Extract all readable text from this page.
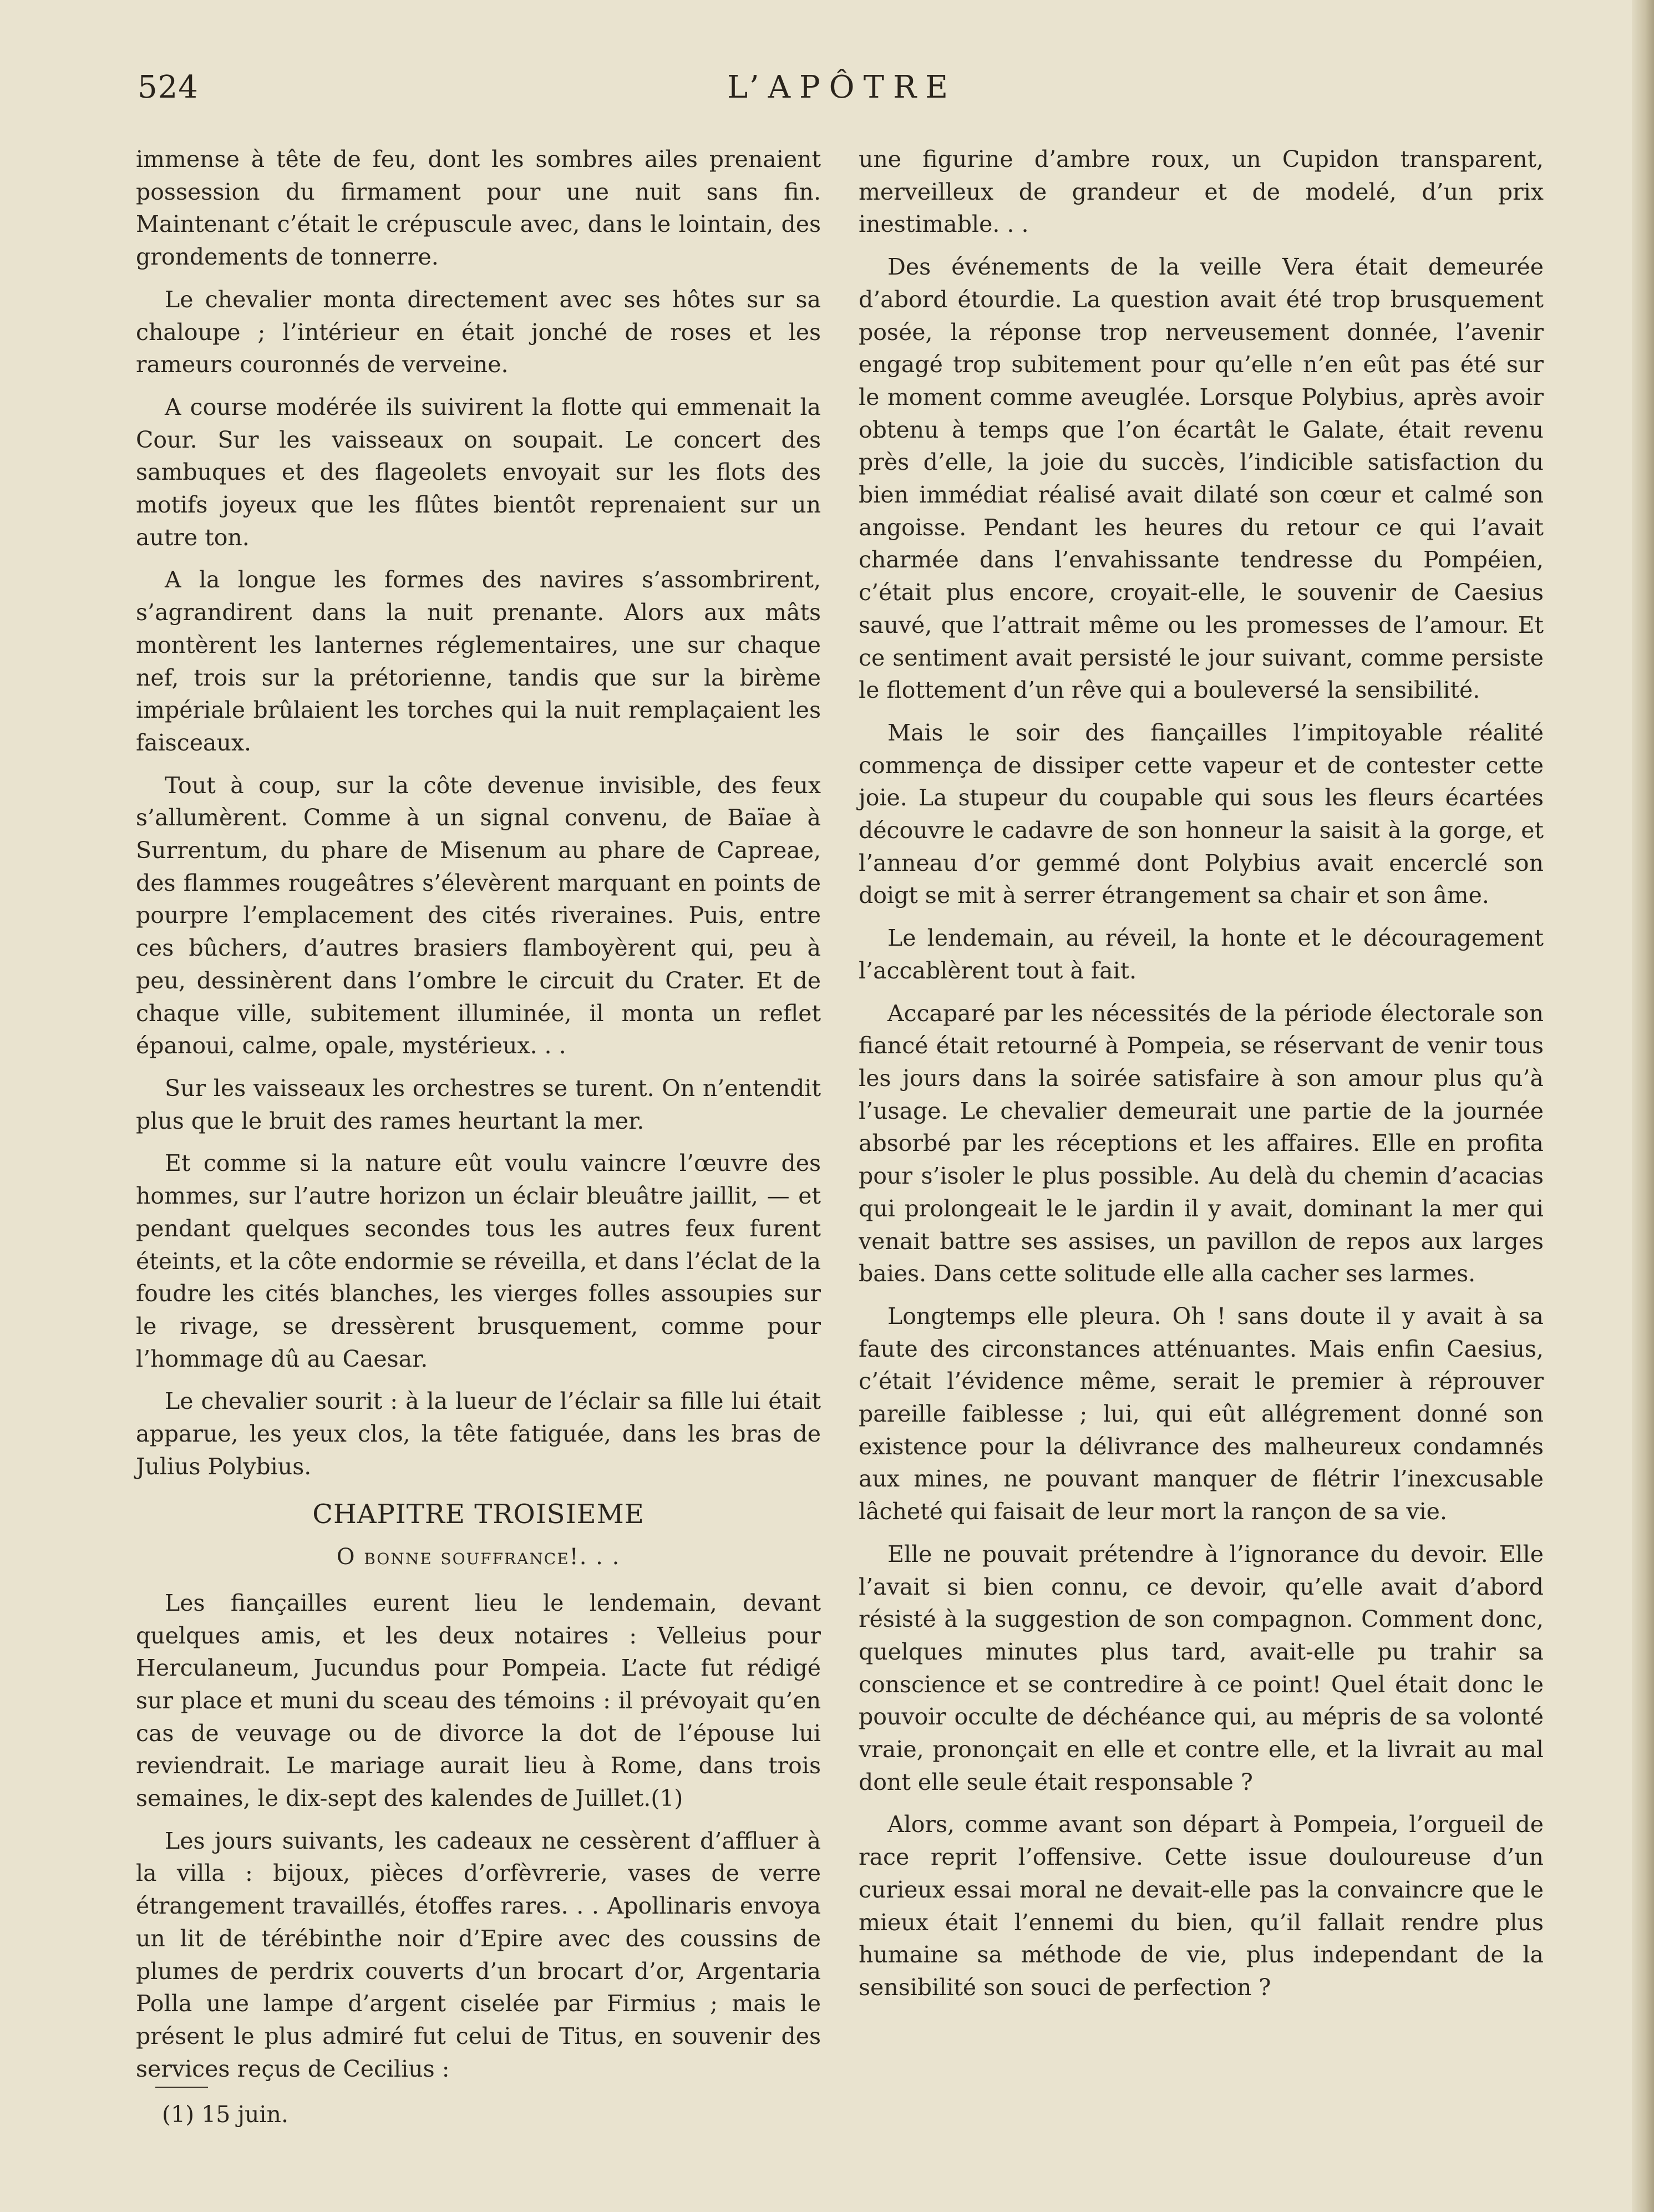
524	L’APÔTRE

immense à tête de feu, dont les sombres ailes prenaient possession du firmament pour une nuit sans fin. Maintenant c’était le crépuscule avec, dans le lointain, des grondements de tonnerre.

Le chevalier monta directement avec ses hôtes sur sa chaloupe ; l’intérieur en était jonché de roses et les rameurs couronnés de verveine.

A course modérée ils suivirent la flotte qui emmenait la Cour. Sur les vaisseaux on soupait. Le concert des sambuques et des flageolets envoyait sur les flots des motifs joyeux que les flûtes bientôt reprenaient sur un autre ton.

A la longue les formes des navires s’assombrirent, s’agrandirent dans la nuit prenante. Alors aux mâts montèrent les lanternes réglementaires, une sur chaque nef, trois sur la prétorienne, tandis que sur la birème impériale brûlaient les torches qui la nuit remplaçaient les faisceaux.

Tout à coup, sur la côte devenue invisible, des feux s’allumèrent. Comme à un signal convenu, de Baïae à Surrentum, du phare de Misenum au phare de Capreae, des flammes rougeâtres s’élevèrent marquant en points de pourpre l’emplacement des cités riveraines. Puis, entre ces bûchers, d’autres brasiers flamboyèrent qui, peu à peu, dessinèrent dans l’ombre le circuit du Crater. Et de chaque ville, subitement illuminée, il monta un reflet épanoui, calme, opale, mystérieux. . .

Sur les vaisseaux les orchestres se turent. On n’entendit plus que le bruit des rames heurtant la mer.

Et comme si la nature eût voulu vaincre l’œuvre des hommes, sur l’autre horizon un éclair bleuâtre jaillit, — et pendant quelques secondes tous les autres feux furent éteints, et la côte endormie se réveilla, et dans l’éclat de la foudre les cités blanches, les vierges folles assoupies sur le rivage, se dressèrent brusquement, comme pour l’hommage dû au Caesar.

Le chevalier sourit : à la lueur de l’éclair sa fille lui était apparue, les yeux clos, la tête fatiguée, dans les bras de Julius Polybius.

CHAPITRE TROISIEME
O bonne souffrance!. . .

Les fiançailles eurent lieu le lendemain, devant quelques amis, et les deux notaires : Velleius pour Herculaneum, Jucundus pour Pompeia. L’acte fut rédigé sur place et muni du sceau des témoins : il prévoyait qu’en cas de veuvage ou de divorce la dot de l’épouse lui reviendrait. Le mariage aurait lieu à Rome, dans trois semaines, le dix-sept des kalendes de Juillet.(1)

Les jours suivants, les cadeaux ne cessèrent d’affluer à la villa : bijoux, pièces d’orfèvrerie, vases de verre étrangement travaillés, étoffes rares. . . Apollinaris envoya un lit de térébinthe noir d’Epire avec des coussins de plumes de perdrix couverts d’un brocart d’or, Argentaria Polla une lampe d’argent ciselée par Firmius ; mais le présent le plus admiré fut celui de Titus, en souvenir des services reçus de Cecilius :

une figurine d’ambre roux, un Cupidon transparent, merveilleux de grandeur et de modelé, d’un prix inestimable. . .

Des événements de la veille Vera était demeurée d’abord étourdie. La question avait été trop brusquement posée, la réponse trop nerveusement donnée, l’avenir engagé trop subitement pour qu’elle n’en eût pas été sur le moment comme aveuglée. Lorsque Polybius, après avoir obtenu à temps que l’on écartât le Galate, était revenu près d’elle, la joie du succès, l’indicible satisfaction du bien immédiat réalisé avait dilaté son cœur et calmé son angoisse. Pendant les heures du retour ce qui l’avait charmée dans l’envahissante tendresse du Pompéien, c’était plus encore, croyait-elle, le souvenir de Caesius sauvé, que l’attrait même ou les promesses de l’amour. Et ce sentiment avait persisté le jour suivant, comme persiste le flottement d’un rêve qui a bouleversé la sensibilité.

Mais le soir des fiançailles l’impitoyable réalité commença de dissiper cette vapeur et de contester cette joie. La stupeur du coupable qui sous les fleurs écartées découvre le cadavre de son honneur la saisit à la gorge, et l’anneau d’or gemmé dont Polybius avait encerclé son doigt se mit à serrer étrangement sa chair et son âme.

Le lendemain, au réveil, la honte et le découragement l’accablèrent tout à fait.

Accaparé par les nécessités de la période électorale son fiancé était retourné à Pompeia, se réservant de venir tous les jours dans la soirée satisfaire à son amour plus qu’à l’usage. Le chevalier demeurait une partie de la journée absorbé par les réceptions et les affaires. Elle en profita pour s’isoler le plus possible. Au delà du chemin d’acacias qui prolongeait le le jardin il y avait, dominant la mer qui venait battre ses assises, un pavillon de repos aux larges baies. Dans cette solitude elle alla cacher ses larmes.

Longtemps elle pleura. Oh ! sans doute il y avait à sa faute des circonstances atténuantes. Mais enfin Caesius, c’était l’évidence même, serait le premier à réprouver pareille faiblesse ; lui, qui eût allégrement donné son existence pour la délivrance des malheureux condamnés aux mines, ne pouvant manquer de flétrir l’inexcusable lâcheté qui faisait de leur mort la rançon de sa vie.

Elle ne pouvait prétendre à l’ignorance du devoir. Elle l’avait si bien connu, ce devoir, qu’elle avait d’abord résisté à la suggestion de son compagnon. Comment donc, quelques minutes plus tard, avait-elle pu trahir sa conscience et se contredire à ce point! Quel était donc le pouvoir occulte de déchéance qui, au mépris de sa volonté vraie, prononçait en elle et contre elle, et la livrait au mal dont elle seule était responsable ?

Alors, comme avant son départ à Pompeia, l’orgueil de race reprit l’offensive. Cette issue douloureuse d’un curieux essai moral ne devait-elle pas la convaincre que le mieux était l’ennemi du bien, qu’il fallait rendre plus humaine sa méthode de vie, plus independant de la sensibilité son souci de perfection ?

(1) 15 juin.
